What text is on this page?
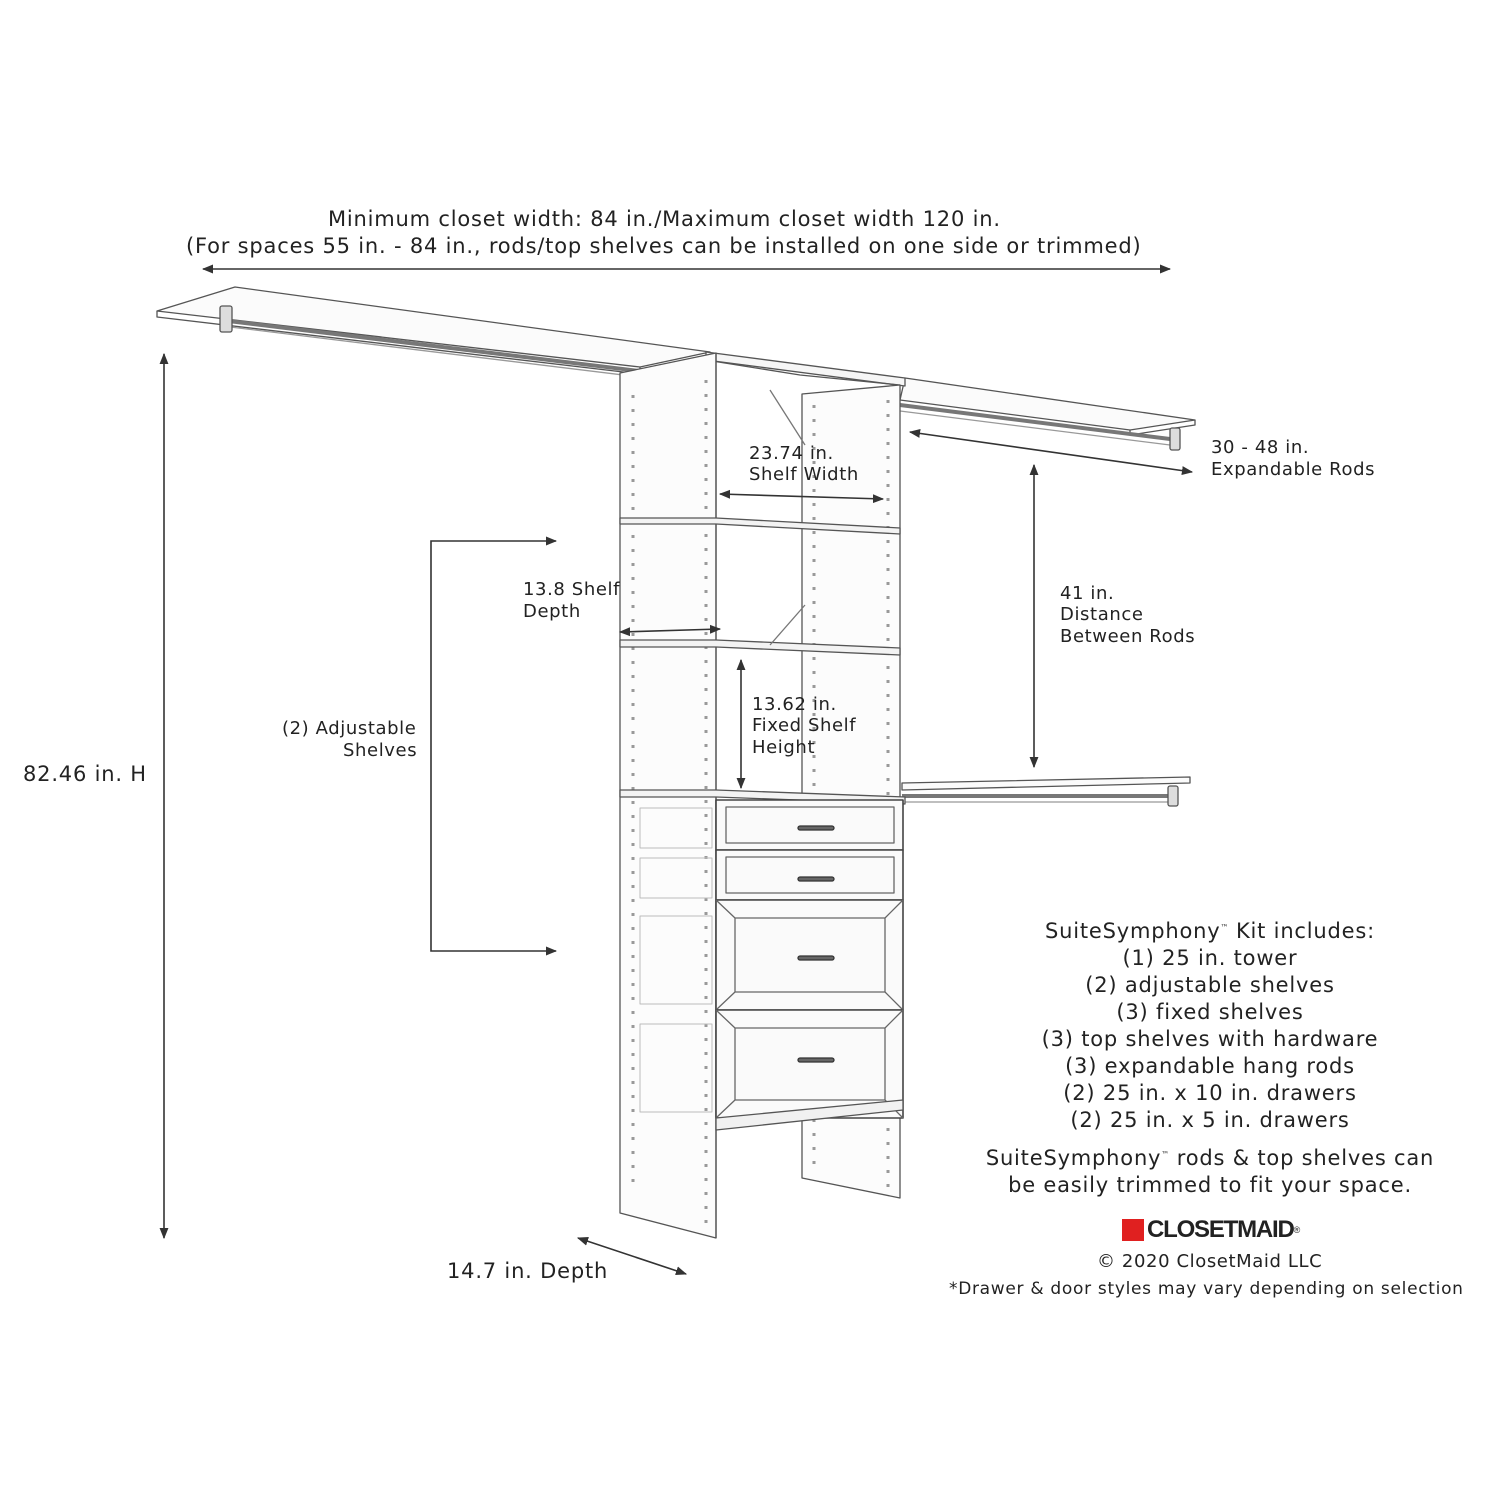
Minimum closet width: 84 in./Maximum closet width 120 in.
(For spaces 55 in. - 84 in., rods/top shelves can be installed on one side or trimmed)
82.46 in. H
14.7 in. Depth
23.74 in.
Shelf Width
13.8 Shelf
Depth
13.62 in.
Fixed Shelf
Height
30 - 48 in.
Expandable Rods
41 in.
Distance
Between Rods
(2) Adjustable
Shelves
SuiteSymphony™ Kit includes:
(1) 25 in. tower
(2) adjustable shelves
(3) fixed shelves
(3) top shelves with hardware
(3) expandable hang rods
(2) 25 in. x 10 in. drawers
(2) 25 in. x 5 in. drawers
SuiteSymphony™ rods & top shelves can
be easily trimmed to fit your space.
CLOSETMAID ®
© 2020 ClosetMaid LLC
*Drawer & door styles may vary depending on selection
